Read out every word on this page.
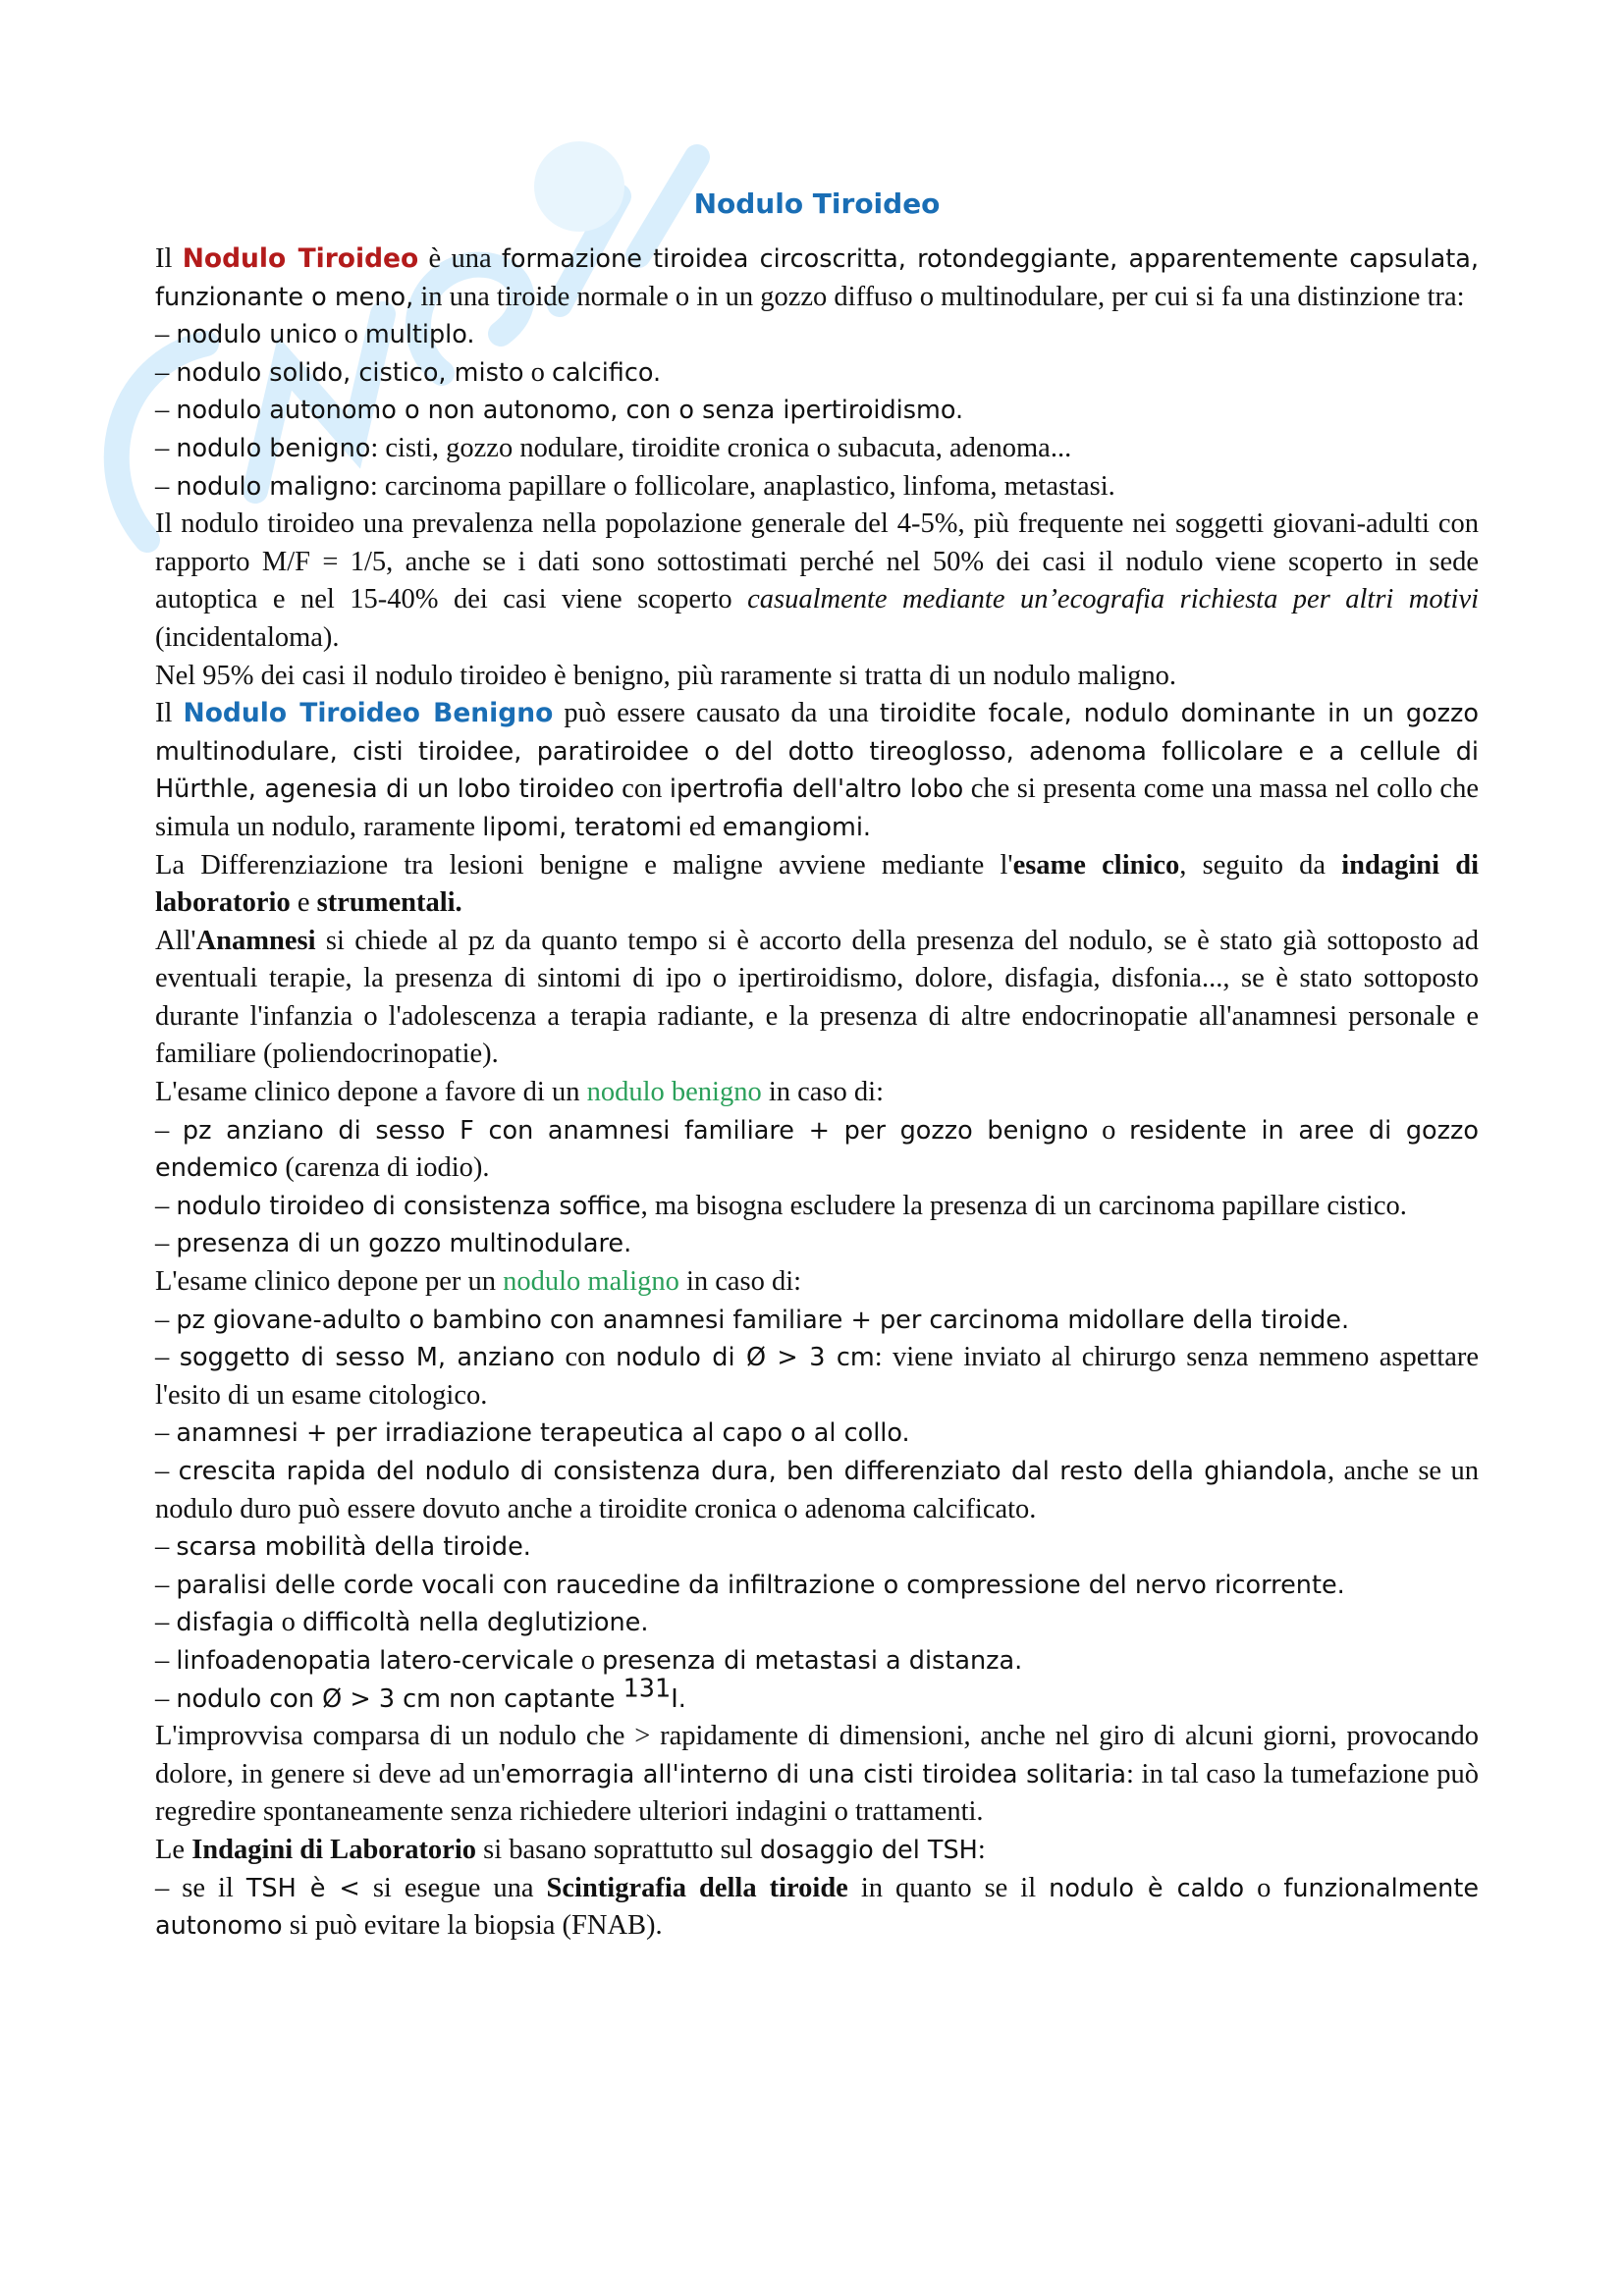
Nodulo Tiroideo

Il Nodulo Tiroideo è una formazione tiroidea circoscritta, rotondeggiante, apparentemente capsulata, funzionante o meno, in una tiroide normale o in un gozzo diffuso o multinodulare, per cui si fa una distinzione tra:

– nodulo unico o multiplo.
– nodulo solido, cistico, misto o calcifico.
– nodulo autonomo o non autonomo, con o senza ipertiroidismo.
– nodulo benigno: cisti, gozzo nodulare, tiroidite cronica o subacuta, adenoma...
– nodulo maligno: carcinoma papillare o follicolare, anaplastico, linfoma, metastasi.

Il nodulo tiroideo una prevalenza nella popolazione generale del 4-5%, più frequente nei soggetti giovani-adulti con rapporto M/F = 1/5, anche se i dati sono sottostimati perché nel 50% dei casi il nodulo viene scoperto in sede autoptica e nel 15-40% dei casi viene scoperto casualmente mediante un’ecografia richiesta per altri motivi (incidentaloma).

Nel 95% dei casi il nodulo tiroideo è benigno, più raramente si tratta di un nodulo maligno.

Il Nodulo Tiroideo Benigno può essere causato da una tiroidite focale, nodulo dominante in un gozzo multinodulare, cisti tiroidee, paratiroidee o del dotto tireoglosso, adenoma follicolare e a cellule di Hürthle, agenesia di un lobo tiroideo con ipertrofia dell'altro lobo che si presenta come una massa nel collo che simula un nodulo, raramente lipomi, teratomi ed emangiomi.

La Differenziazione tra lesioni benigne e maligne avviene mediante l'esame clinico, seguito da indagini di laboratorio e strumentali.

All'Anamnesi si chiede al pz da quanto tempo si è accorto della presenza del nodulo, se è stato già sottoposto ad eventuali terapie, la presenza di sintomi di ipo o ipertiroidismo, dolore, disfagia, disfonia..., se è stato sottoposto durante l'infanzia o l'adolescenza a terapia radiante, e la presenza di altre endocrinopatie all'anamnesi personale e familiare (poliendocrinopatie).

L'esame clinico depone a favore di un nodulo benigno in caso di:

– pz anziano di sesso F con anamnesi familiare + per gozzo benigno o residente in aree di gozzo endemico (carenza di iodio).

– nodulo tiroideo di consistenza soffice, ma bisogna escludere la presenza di un carcinoma papillare cistico.

– presenza di un gozzo multinodulare.

L'esame clinico depone per un nodulo maligno in caso di:

– pz giovane-adulto o bambino con anamnesi familiare + per carcinoma midollare della tiroide.

– soggetto di sesso M, anziano con nodulo di Ø > 3 cm: viene inviato al chirurgo senza nemmeno aspettare l'esito di un esame citologico.

– anamnesi + per irradiazione terapeutica al capo o al collo.

– crescita rapida del nodulo di consistenza dura, ben differenziato dal resto della ghiandola, anche se un nodulo duro può essere dovuto anche a tiroidite cronica o adenoma calcificato.

– scarsa mobilità della tiroide.
– paralisi delle corde vocali con raucedine da infiltrazione o compressione del nervo ricorrente.
– disfagia o difficoltà nella deglutizione.
– linfoadenopatia latero-cervicale o presenza di metastasi a distanza.
– nodulo con Ø > 3 cm non captante $^{131}$I.

L'improvvisa comparsa di un nodulo che > rapidamente di dimensioni, anche nel giro di alcuni giorni, provocando dolore, in genere si deve ad un'emorragia all'interno di una cisti tiroidea solitaria: in tal caso la tumefazione può regredire spontaneamente senza richiedere ulteriori indagini o trattamenti.

Le Indagini di Laboratorio si basano soprattutto sul dosaggio del TSH:

– se il TSH è < si esegue una Scintigrafia della tiroide in quanto se il nodulo è caldo o funzionalmente autonomo si può evitare la biopsia (FNAB).
